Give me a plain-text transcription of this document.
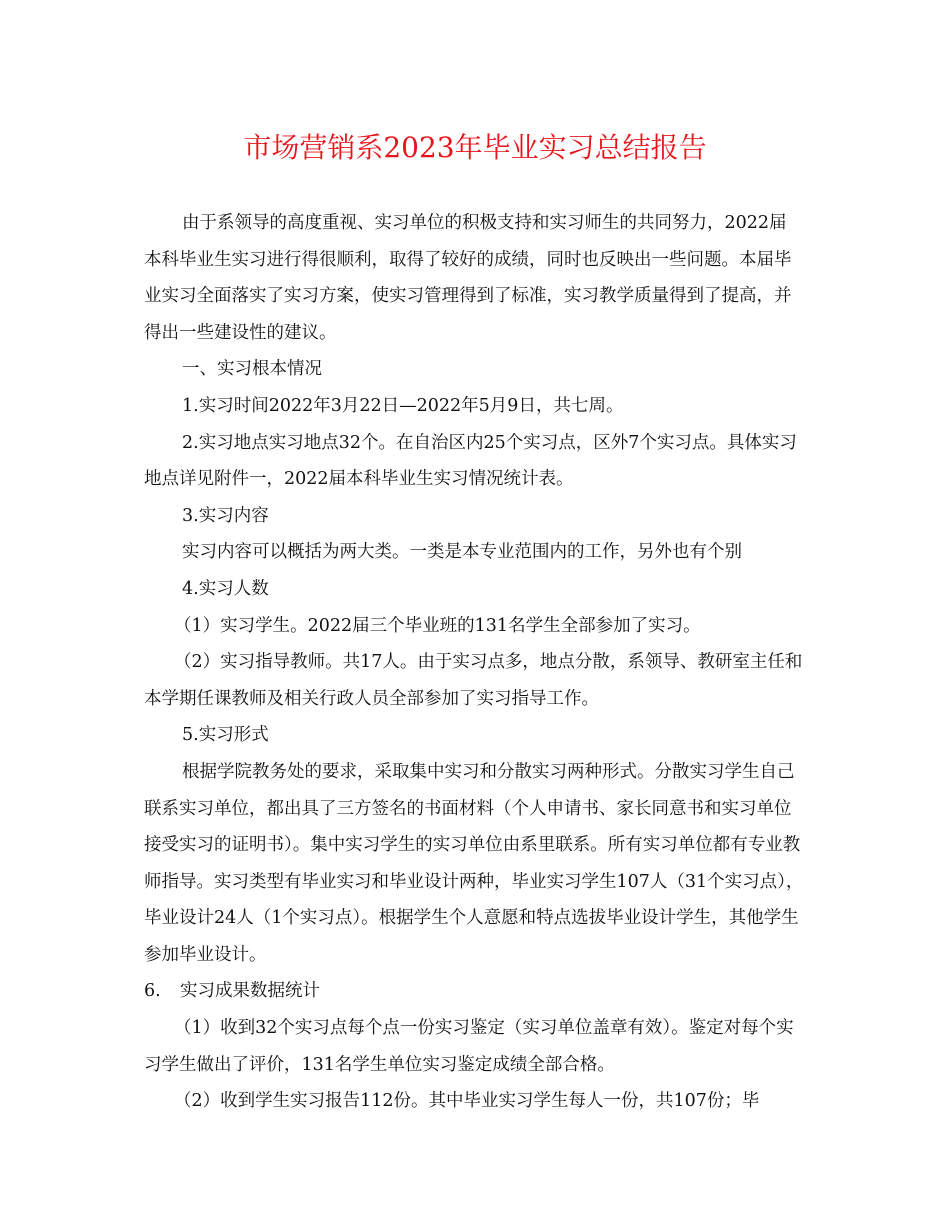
市场营销系2023年毕业实习总结报告

由于系领导的高度重视、实习单位的积极支持和实习师生的共同努力，2022届本科毕业生实习进行得很顺利，取得了较好的成绩，同时也反映出一些问题。本届毕业实习全面落实了实习方案，使实习管理得到了标准，实习教学质量得到了提高，并得出一些建设性的建议。

一、实习根本情况

1.实习时间2022年3月22日—2022年5月9日，共七周。

2.实习地点实习地点32个。在自治区内25个实习点，区外7个实习点。具体实习地点详见附件一，2022届本科毕业生实习情况统计表。

3.实习内容

实习内容可以概括为两大类。一类是本专业范围内的工作，另外也有个别

4.实习人数

（1）实习学生。2022届三个毕业班的131名学生全部参加了实习。

（2）实习指导教师。共17人。由于实习点多，地点分散，系领导、教研室主任和本学期任课教师及相关行政人员全部参加了实习指导工作。

5.实习形式

根据学院教务处的要求，采取集中实习和分散实习两种形式。分散实习学生自己联系实习单位，都出具了三方签名的书面材料（个人申请书、家长同意书和实习单位接受实习的证明书）。集中实习学生的实习单位由系里联系。所有实习单位都有专业教师指导。实习类型有毕业实习和毕业设计两种，毕业实习学生107人（31个实习点），毕业设计24人（1个实习点）。根据学生个人意愿和特点选拔毕业设计学生，其他学生参加毕业设计。

6. 实习成果数据统计

（1）收到32个实习点每个点一份实习鉴定（实习单位盖章有效）。鉴定对每个实习学生做出了评价，131名学生单位实习鉴定成绩全部合格。

（2）收到学生实习报告112份。其中毕业实习学生每人一份，共107份；毕
